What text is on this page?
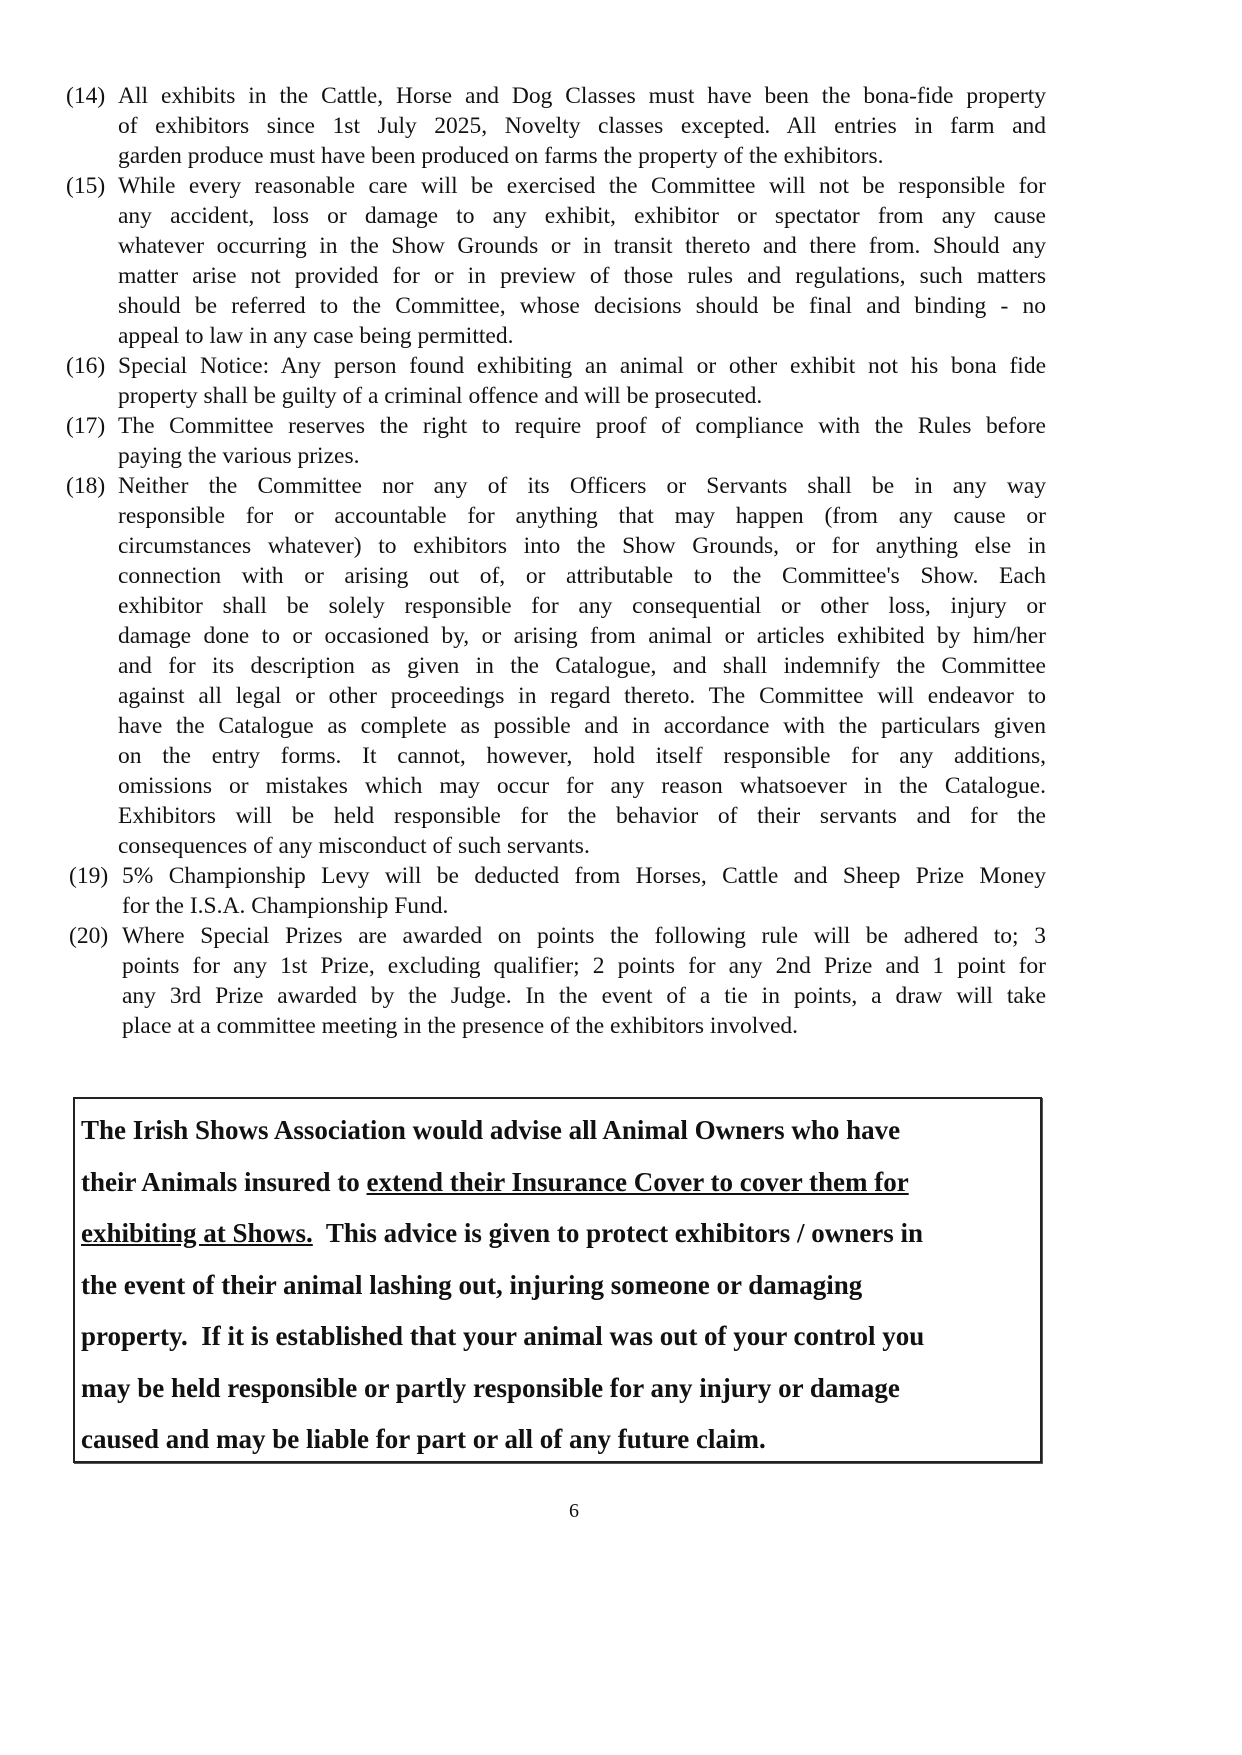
(14) All exhibits in the Cattle, Horse and Dog Classes must have been the bona-fide property
of exhibitors since 1st July 2025, Novelty classes excepted. All entries in farm and
garden produce must have been produced on farms the property of the exhibitors.
(15) While every reasonable care will be exercised the Committee will not be responsible for
any accident, loss or damage to any exhibit, exhibitor or spectator from any cause
whatever occurring in the Show Grounds or in transit thereto and there from. Should any
matter arise not provided for or in preview of those rules and regulations, such matters
should be referred to the Committee, whose decisions should be final and binding - no
appeal to law in any case being permitted.
(16) Special Notice: Any person found exhibiting an animal or other exhibit not his bona fide
property shall be guilty of a criminal offence and will be prosecuted.
(17) The Committee reserves the right to require proof of compliance with the Rules before
paying the various prizes.
(18) Neither the Committee nor any of its Officers or Servants shall be in any way
responsible for or accountable for anything that may happen (from any cause or
circumstances whatever) to exhibitors into the Show Grounds, or for anything else in
connection with or arising out of, or attributable to the Committee's Show. Each
exhibitor shall be solely responsible for any consequential or other loss, injury or
damage done to or occasioned by, or arising from animal or articles exhibited by him/her
and for its description as given in the Catalogue, and shall indemnify the Committee
against all legal or other proceedings in regard thereto. The Committee will endeavor to
have the Catalogue as complete as possible and in accordance with the particulars given
on the entry forms. It cannot, however, hold itself responsible for any additions,
omissions or mistakes which may occur for any reason whatsoever in the Catalogue.
Exhibitors will be held responsible for the behavior of their servants and for the
consequences of any misconduct of such servants.
(19) 5% Championship Levy will be deducted from Horses, Cattle and Sheep Prize Money
for the I.S.A. Championship Fund.
(20) Where Special Prizes are awarded on points the following rule will be adhered to; 3
points for any 1st Prize, excluding qualifier; 2 points for any 2nd Prize and 1 point for
any 3rd Prize awarded by the Judge. In the event of a tie in points, a draw will take
place at a committee meeting in the presence of the exhibitors involved.

The Irish Shows Association would advise all Animal Owners who have

their Animals insured to extend their Insurance Cover to cover them for

exhibiting at Shows.  This advice is given to protect exhibitors / owners in

the event of their animal lashing out, injuring someone or damaging

property.  If it is established that your animal was out of your control you

may be held responsible or partly responsible for any injury or damage

caused and may be liable for part or all of any future claim.

6
